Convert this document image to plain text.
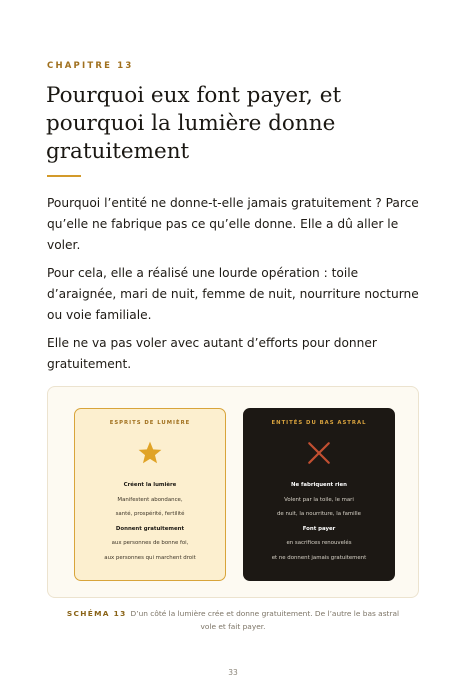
CHAPITRE 13
Pourquoi eux font payer, et pourquoi la lumière donne gratuitement

Pourquoi l’entité ne donne-t-elle jamais gratuitement ? Parce qu’elle ne fabrique pas ce qu’elle donne. Elle a dû aller le voler.

Pour cela, elle a réalisé une lourde opération : toile d’araignée, mari de nuit, femme de nuit, nourriture nocturne ou voie familiale.

Elle ne va pas voler avec autant d’efforts pour donner gratuitement.

ESPRITS DE LUMIÈRE
Créent la lumière
Manifestent abondance,
santé, prospérité, fertilité
Donnent gratuitement
aux personnes de bonne foi,
aux personnes qui marchent droit
ENTITÉS DU BAS ASTRAL
Ne fabriquent rien
Volent par la toile, le mari
de nuit, la nourriture, la famille
Font payer
en sacrifices renouvelés
et ne donnent jamais gratuitement
SCHÉMA 13 D’un côté la lumière crée et donne gratuitement. De l’autre le bas astral vole et fait payer.
33
